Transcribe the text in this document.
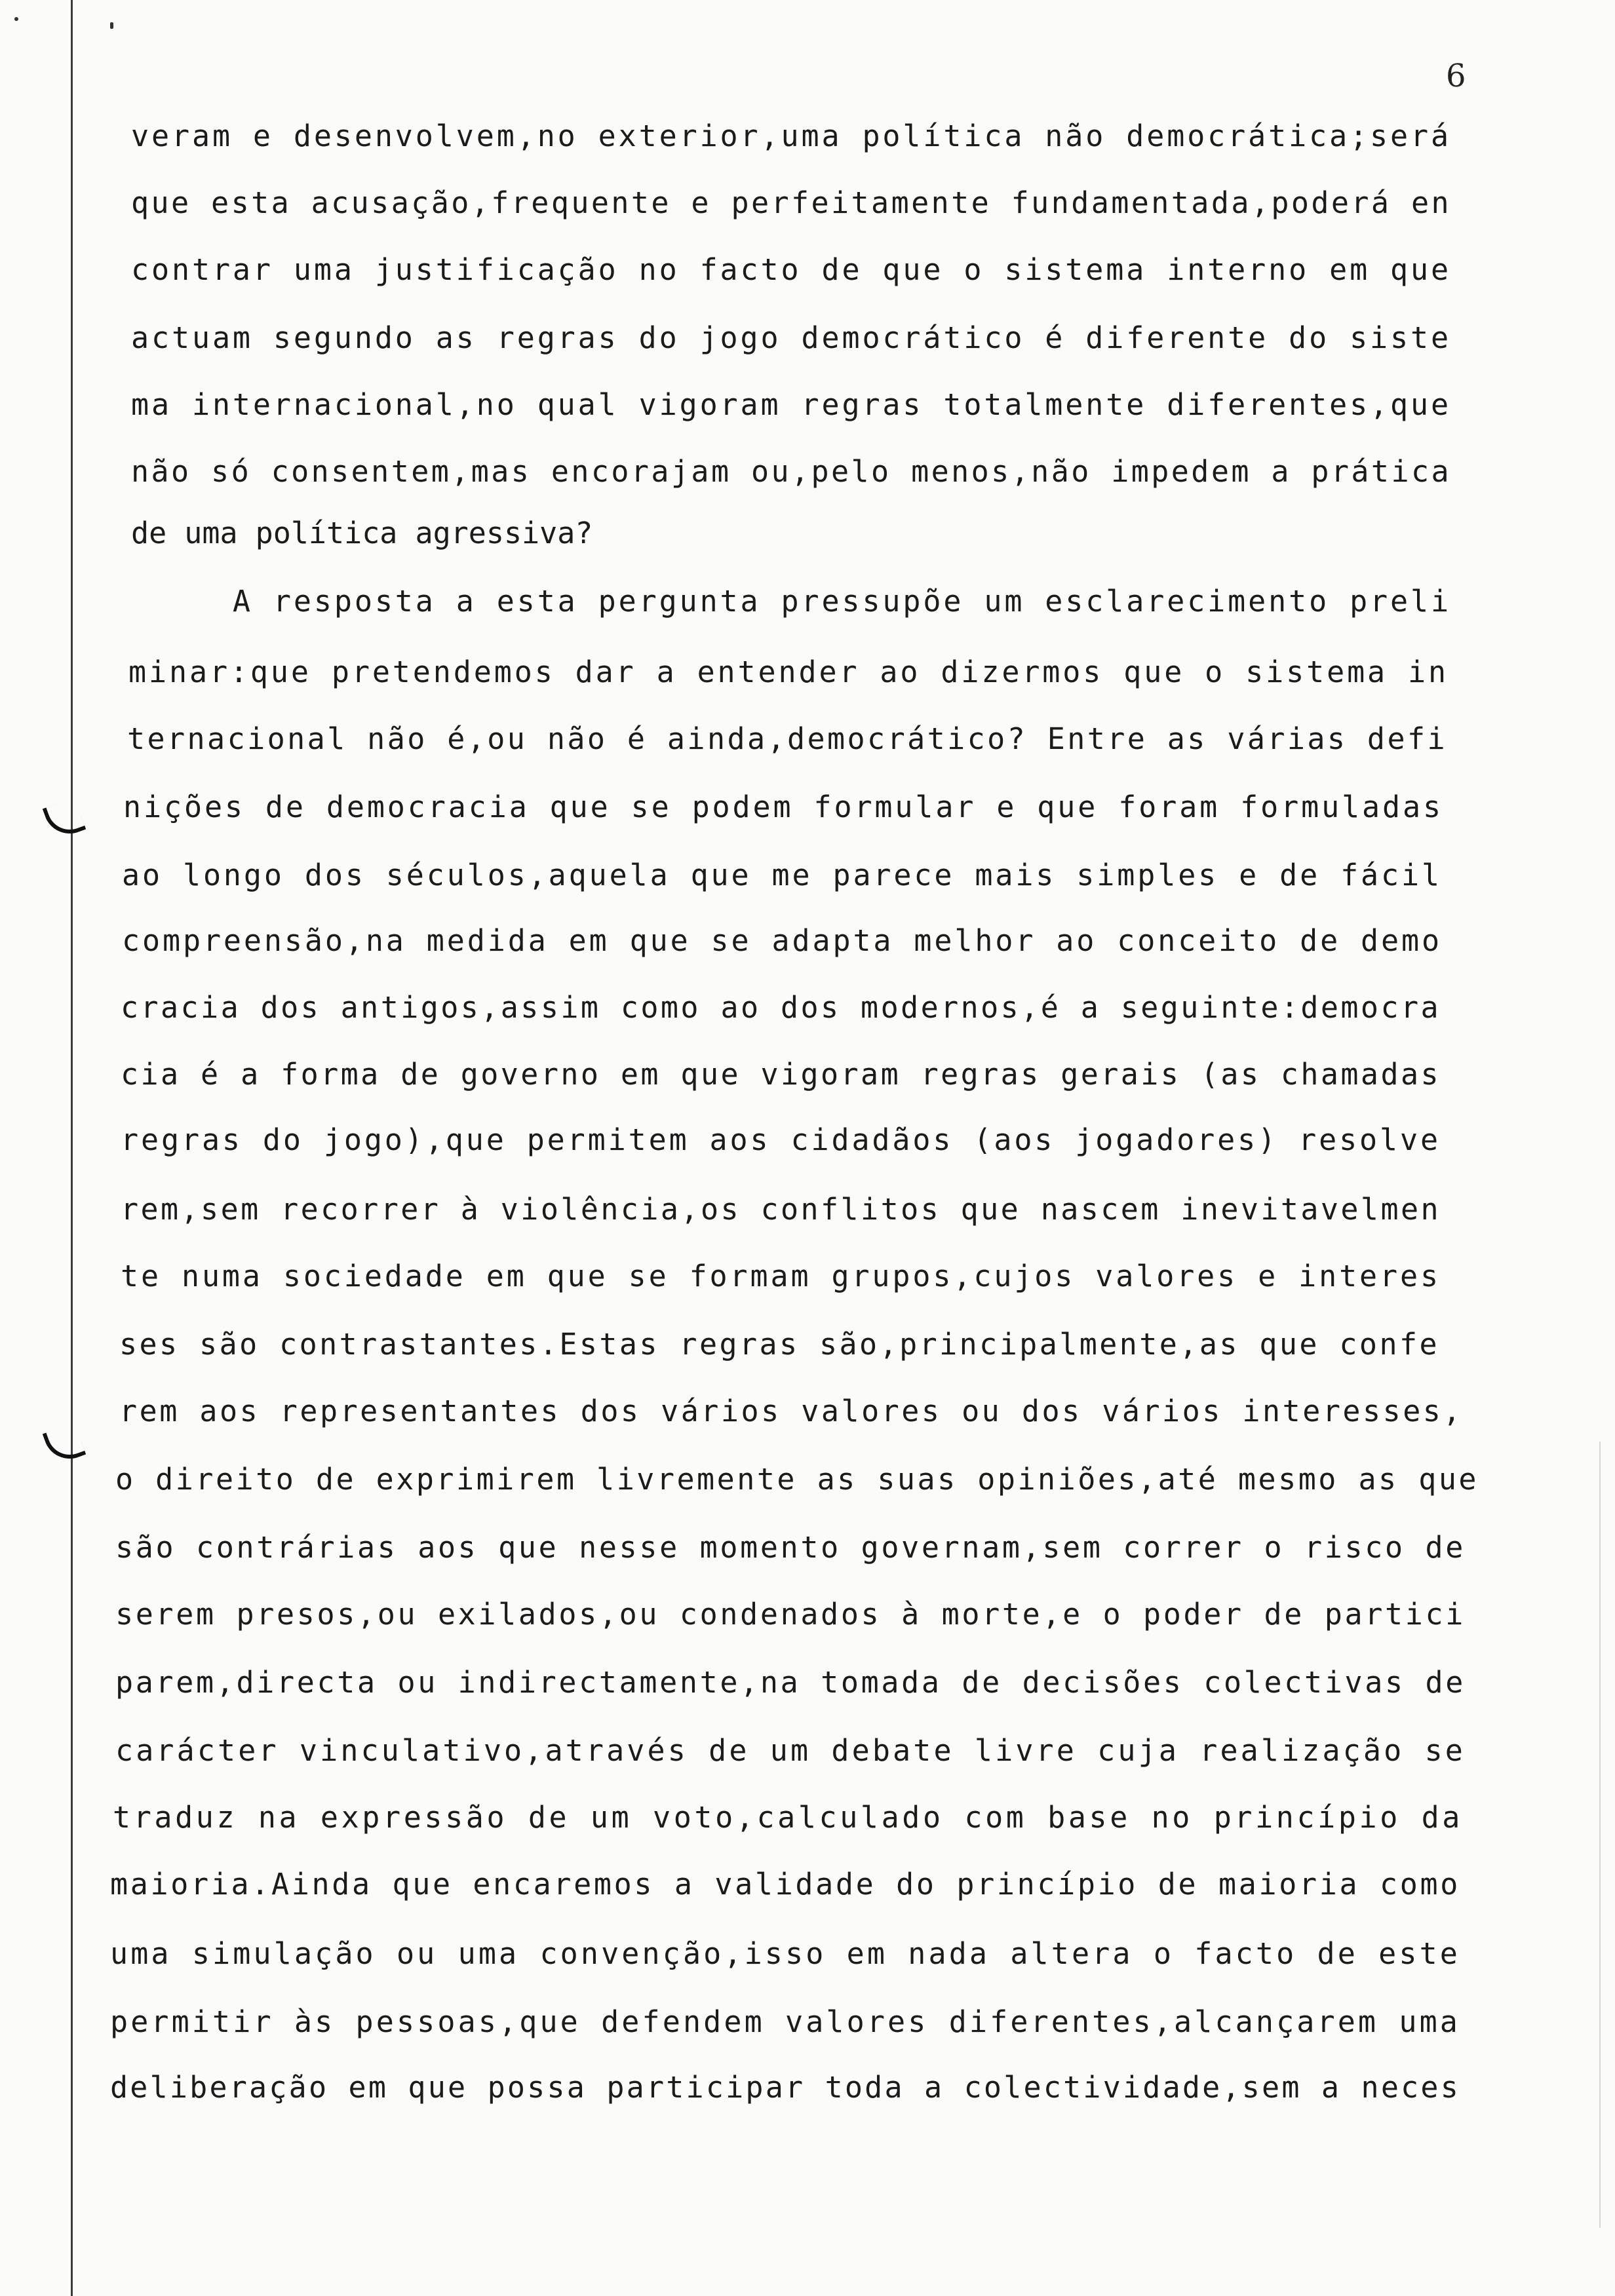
6
veram e desenvolvem,no exterior,uma política não democrática;será
que esta acusação,frequente e perfeitamente fundamentada,poderá en
contrar uma justificação no facto de que o sistema interno em que
actuam segundo as regras do jogo democrático é diferente do siste
ma internacional,no qual vigoram regras totalmente diferentes,que
não só consentem,mas encorajam ou,pelo menos,não impedem a prática
de uma política agressiva?
A resposta a esta pergunta pressupõe um esclarecimento preli
minar:que pretendemos dar a entender ao dizermos que o sistema in
ternacional não é,ou não é ainda,democrático? Entre as várias defi
nições de democracia que se podem formular e que foram formuladas
ao longo dos séculos,aquela que me parece mais simples e de fácil
compreensão,na medida em que se adapta melhor ao conceito de demo
cracia dos antigos,assim como ao dos modernos,é a seguinte:democra
cia é a forma de governo em que vigoram regras gerais (as chamadas
regras do jogo),que permitem aos cidadãos (aos jogadores) resolve
rem,sem recorrer à violência,os conflitos que nascem inevitavelmen
te numa sociedade em que se formam grupos,cujos valores e interes
ses são contrastantes.Estas regras são,principalmente,as que confe
rem aos representantes dos vários valores ou dos vários interesses,
o direito de exprimirem livremente as suas opiniões,até mesmo as que
são contrárias aos que nesse momento governam,sem correr o risco de
serem presos,ou exilados,ou condenados à morte,e o poder de partici
parem,directa ou indirectamente,na tomada de decisões colectivas de
carácter vinculativo,através de um debate livre cuja realização se
traduz na expressão de um voto,calculado com base no princípio da
maioria.Ainda que encaremos a validade do princípio de maioria como
uma simulação ou uma convenção,isso em nada altera o facto de este
permitir às pessoas,que defendem valores diferentes,alcançarem uma
deliberação em que possa participar toda a colectividade,sem a neces
